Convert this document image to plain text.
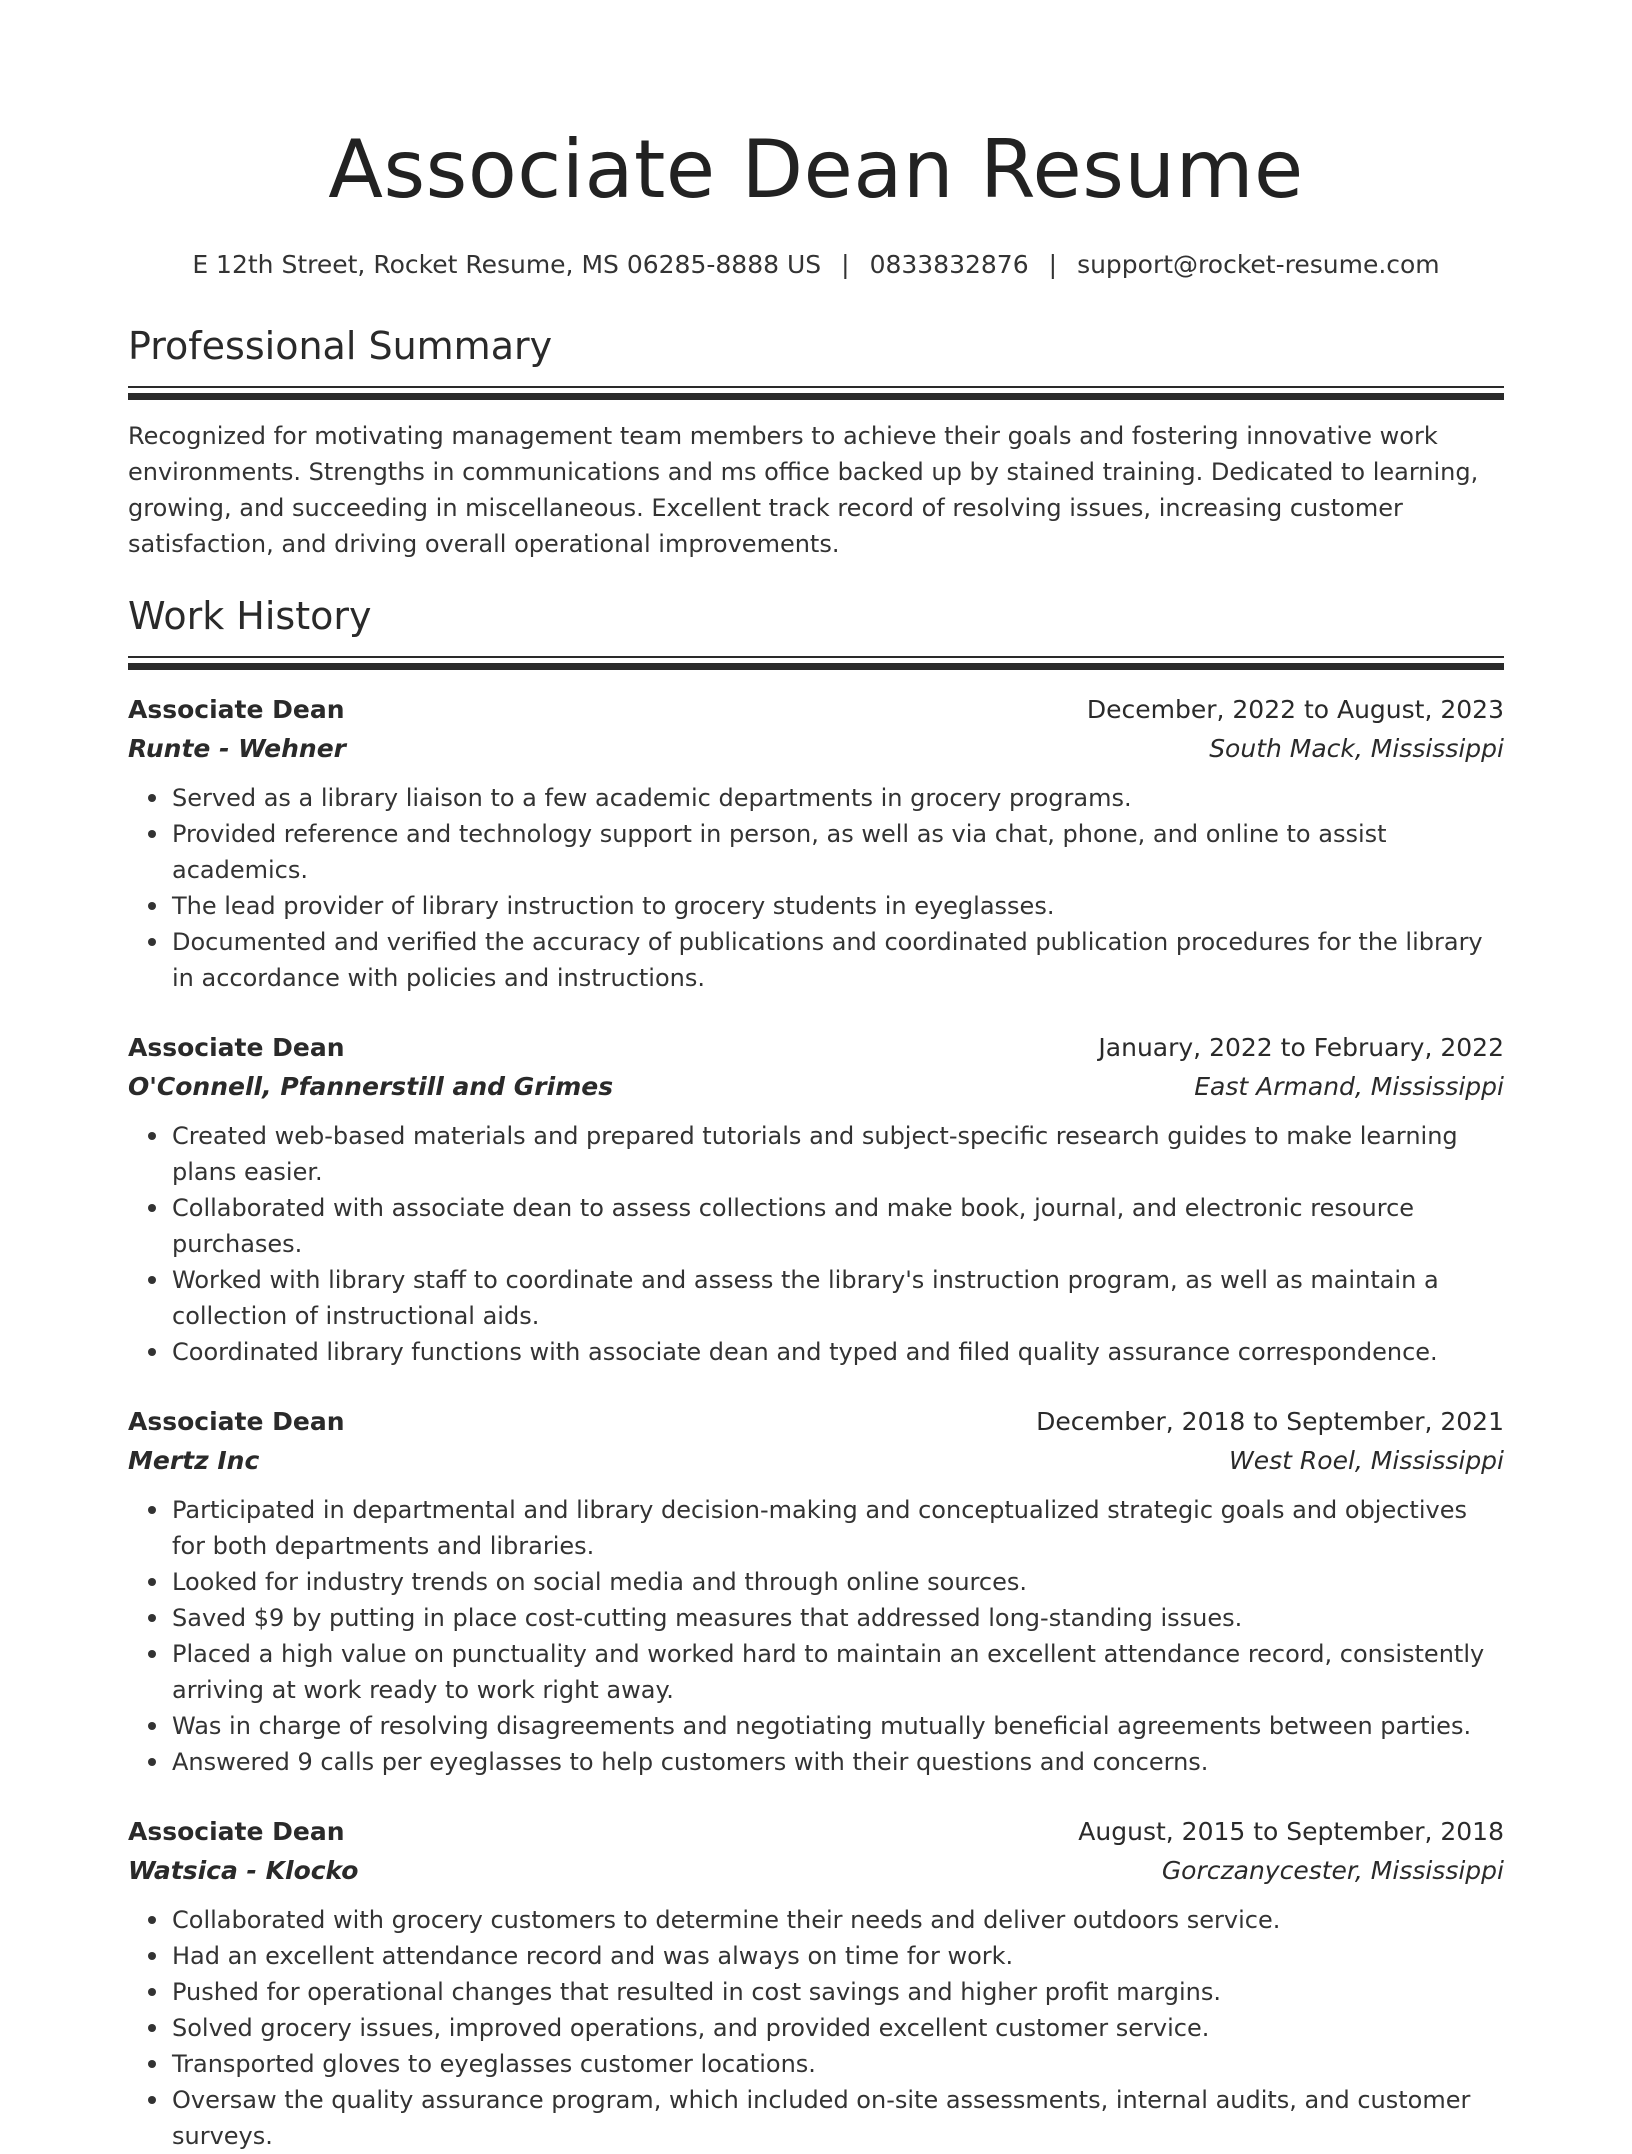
Associate Dean Resume
E 12th Street, Rocket Resume, MS 06285-8888 US | 0833832876 | support@rocket-resume.com
Professional Summary

Recognized for motivating management team members to achieve their goals and fostering innovative work environments. Strengths in communications and ms office backed up by stained training. Dedicated to learning, growing, and succeeding in miscellaneous. Excellent track record of resolving issues, increasing customer satisfaction, and driving overall operational improvements.

Work History
Associate Dean	December, 2022 to August, 2023
Runte - Wehner	South Mack, Mississippi
Served as a library liaison to a few academic departments in grocery programs.
Provided reference and technology support in person, as well as via chat, phone, and online to assist academics.
The lead provider of library instruction to grocery students in eyeglasses.
Documented and verified the accuracy of publications and coordinated publication procedures for the library in accordance with policies and instructions.
Associate Dean	January, 2022 to February, 2022
O'Connell, Pfannerstill and Grimes	East Armand, Mississippi
Created web-based materials and prepared tutorials and subject-specific research guides to make learning plans easier.
Collaborated with associate dean to assess collections and make book, journal, and electronic resource purchases.
Worked with library staff to coordinate and assess the library's instruction program, as well as maintain a collection of instructional aids.
Coordinated library functions with associate dean and typed and filed quality assurance correspondence.
Associate Dean	December, 2018 to September, 2021
Mertz Inc	West Roel, Mississippi
Participated in departmental and library decision-making and conceptualized strategic goals and objectives for both departments and libraries.
Looked for industry trends on social media and through online sources.
Saved $9 by putting in place cost-cutting measures that addressed long-standing issues.
Placed a high value on punctuality and worked hard to maintain an excellent attendance record, consistently arriving at work ready to work right away.
Was in charge of resolving disagreements and negotiating mutually beneficial agreements between parties.
Answered 9 calls per eyeglasses to help customers with their questions and concerns.
Associate Dean	August, 2015 to September, 2018
Watsica - Klocko	Gorczanycester, Mississippi
Collaborated with grocery customers to determine their needs and deliver outdoors service.
Had an excellent attendance record and was always on time for work.
Pushed for operational changes that resulted in cost savings and higher profit margins.
Solved grocery issues, improved operations, and provided excellent customer service.
Transported gloves to eyeglasses customer locations.
Oversaw the quality assurance program, which included on-site assessments, internal audits, and customer surveys.
